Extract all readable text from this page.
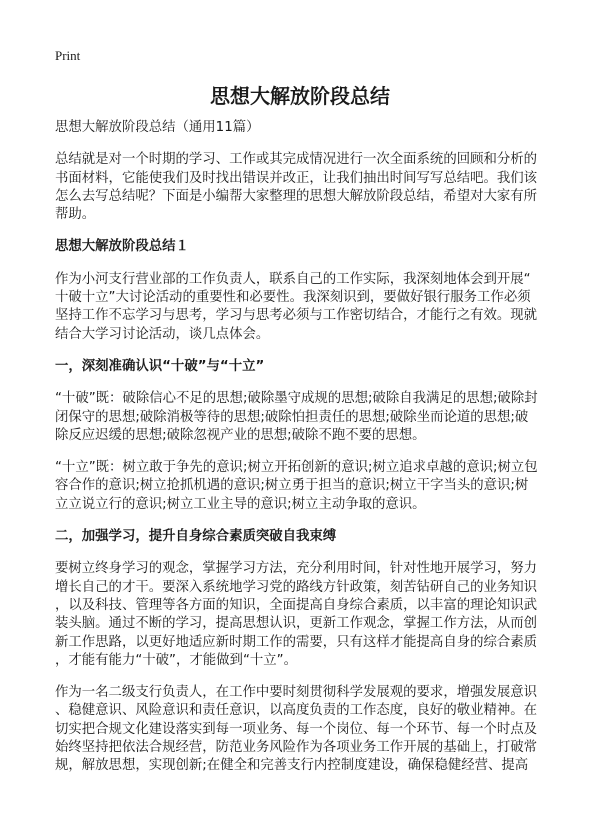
Print
思想大解放阶段总结
思想大解放阶段总结（通用11篇）
总结就是对一个时期的学习、工作或其完成情况进行一次全面系统的回顾和分析的
书面材料，它能使我们及时找出错误并改正，让我们抽出时间写写总结吧。我们该
怎么去写总结呢？下面是小编帮大家整理的思想大解放阶段总结，希望对大家有所
帮助。
思想大解放阶段总结１
作为小河支行营业部的工作负责人，联系自己的工作实际，我深刻地体会到开展“
十破十立”大讨论活动的重要性和必要性。我深刻识到，要做好银行服务工作必须
坚持工作不忘学习与思考，学习与思考必须与工作密切结合，才能行之有效。现就
结合大学习讨论活动，谈几点体会。
一，深刻准确认识“十破”与“十立”
“十破”既：破除信心不足的思想;破除墨守成规的思想;破除自我满足的思想;破除封
闭保守的思想;破除消极等待的思想;破除怕担责任的思想;破除坐而论道的思想;破
除反应迟缓的思想;破除忽视产业的思想;破除不跑不要的思想。
“十立”既：树立敢于争先的意识;树立开拓创新的意识;树立追求卓越的意识;树立包
容合作的意识;树立抢抓机遇的意识;树立勇于担当的意识;树立干字当头的意识;树
立立说立行的意识;树立工业主导的意识;树立主动争取的意识。
二，加强学习，提升自身综合素质突破自我束缚
要树立终身学习的观念，掌握学习方法，充分利用时间，针对性地开展学习，努力
增长自己的才干。要深入系统地学习党的路线方针政策，刻苦钻研自己的业务知识
，以及科技、管理等各方面的知识，全面提高自身综合素质，以丰富的理论知识武
装头脑。通过不断的学习，提高思想认识，更新工作观念，掌握工作方法，从而创
新工作思路，以更好地适应新时期工作的需要，只有这样才能提高自身的综合素质
，才能有能力“十破”，才能做到“十立”。
作为一名二级支行负责人，在工作中要时刻贯彻科学发展观的要求，增强发展意识
、稳健意识、风险意识和责任意识，以高度负责的工作态度，良好的敬业精神。在
切实把合规文化建设落实到每一项业务、每一个岗位、每一个环节、每一个时点及
始终坚持把依法合规经营，防范业务风险作为各项业务工作开展的基础上，打破常
规，解放思想，实现创新;在健全和完善支行内控制度建设，确保稳健经营、提高
